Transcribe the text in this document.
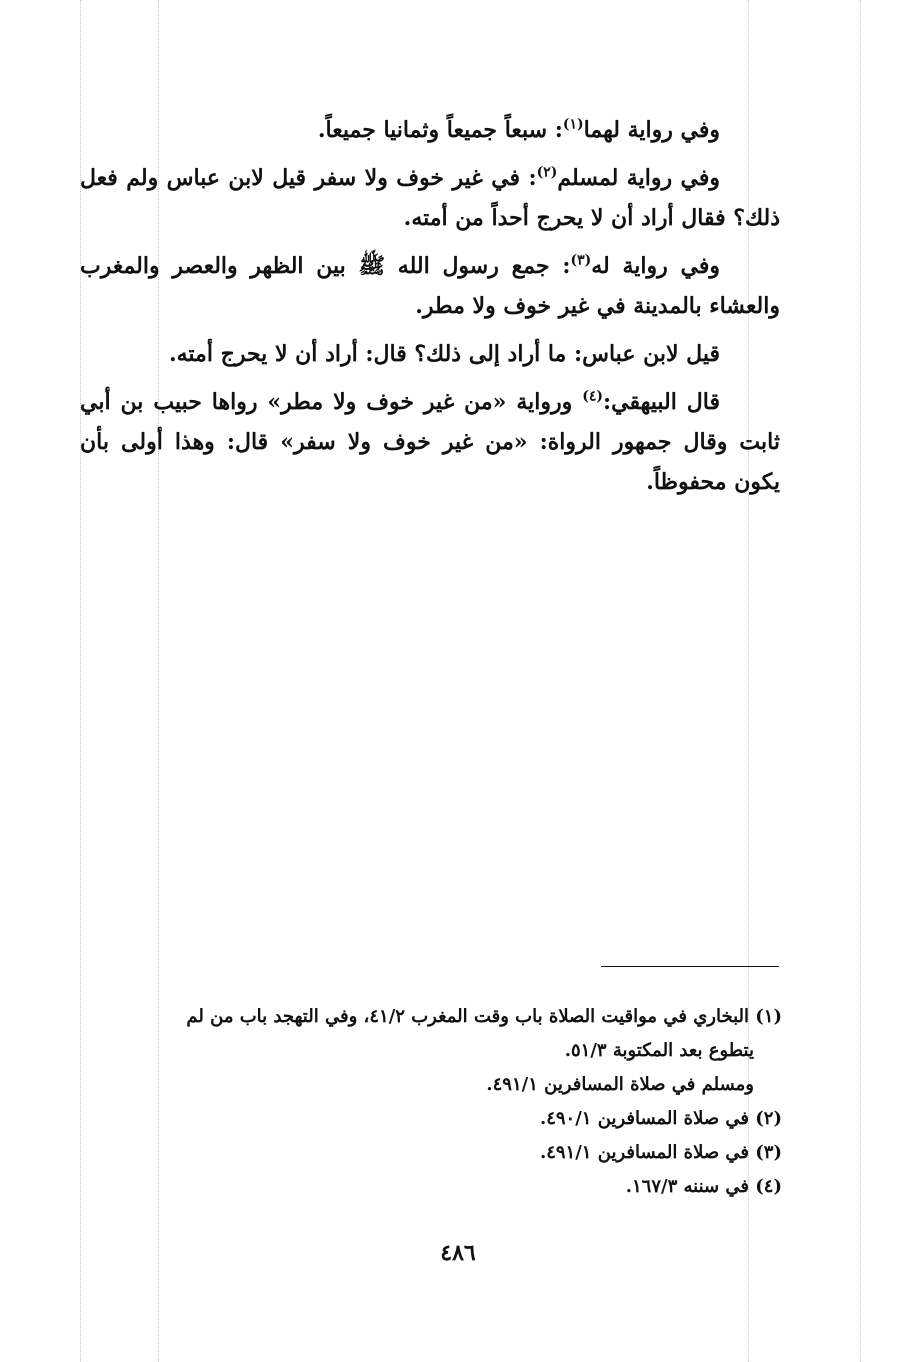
وفي رواية لهما$^{(١)}$: سبعاً جميعاً وثمانيا جميعاً.

وفي رواية لمسلم$^{(٢)}$: في غير خوف ولا سفر قيل لابن عباس ولم فعل ذلك؟ فقال أراد أن لا يحرج أحداً من أمته.

وفي رواية له$^{(٣)}$: جمع رسول الله ﷺ بين الظهر والعصر والمغرب والعشاء بالمدينة في غير خوف ولا مطر.

قيل لابن عباس: ما أراد إلى ذلك؟ قال: أراد أن لا يحرج أمته.

قال البيهقي:$^{(٤)}$ ورواية «من غير خوف ولا مطر» رواها حبيب بن أبي ثابت وقال جمهور الرواة: «من غير خوف ولا سفر» قال: وهذا أولى بأن يكون محفوظاً.

(١) البخاري في مواقيت الصلاة باب وقت المغرب ٤١/٢، وفي التهجد باب من لم

يتطوع بعد المكتوبة ٥١/٣.

ومسلم في صلاة المسافرين ٤٩١/١.

(٢) في صلاة المسافرين ٤٩٠/١.

(٣) في صلاة المسافرين ٤٩١/١.

(٤) في سننه ١٦٧/٣.

٤٨٦
